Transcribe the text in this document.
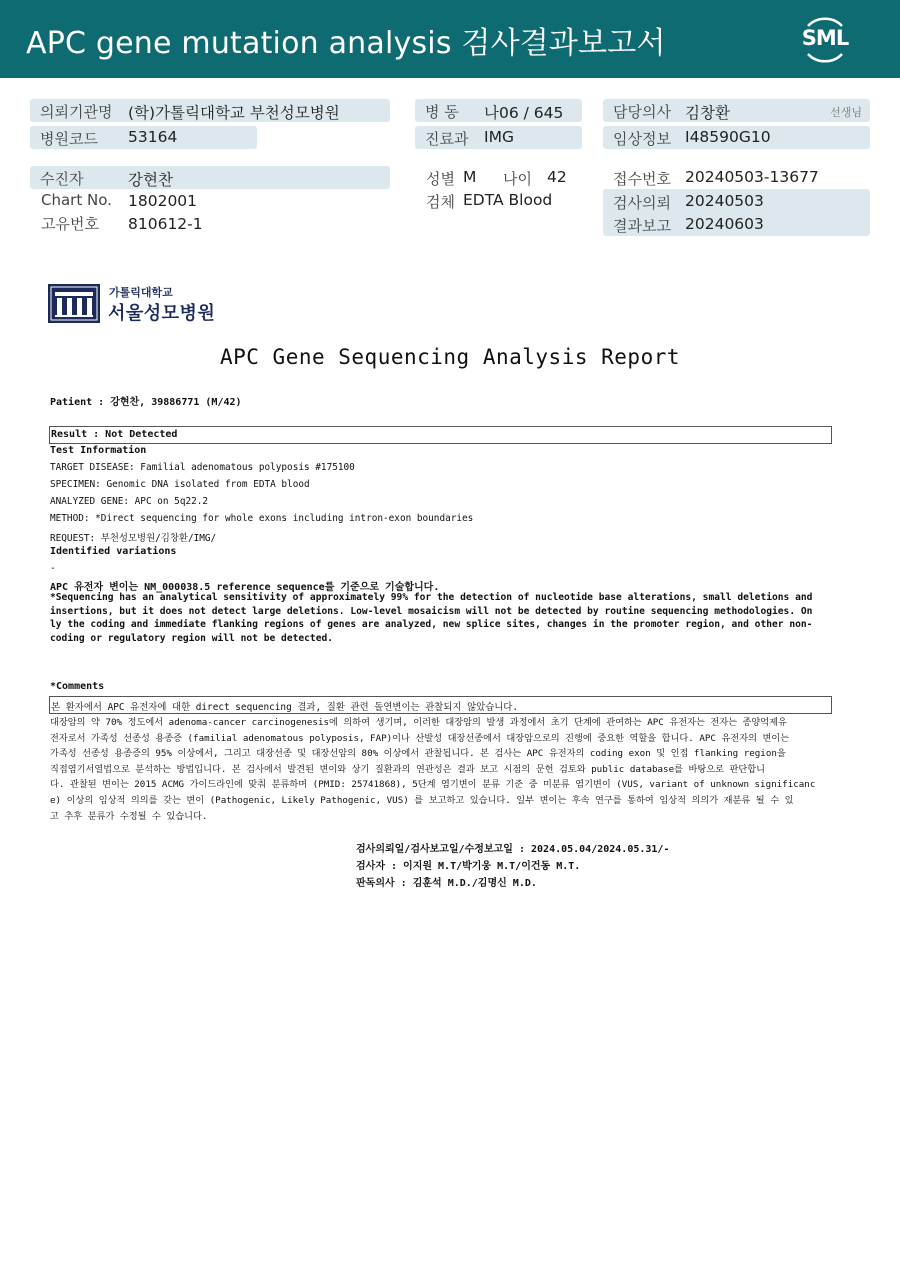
APC gene mutation analysis 검사결과보고서	SML
의뢰기관명 (학)가톨릭대학교 부천성모병원	병 동 나06 / 645	담당의사 김창환	선생님
병원코드 53164	진료과 IMG	임상정보 I48590G10
수진자	강현찬	성별 M 나이 42	접수번호 20240503-13677
Chart No. 1802001	검체 EDTA Blood	검사의뢰 20240503
결과보고 20240603
고유번호 810612-1
가톨릭대학교
서울성모병원
APC Gene Sequencing Analysis Report
Patient : 강현찬, 39886771 (M/42)
Result : Not Detected
Test Information
TARGET DISEASE: Familial adenomatous polyposis #175100
SPECIMEN: Genomic DNA isolated from EDTA blood
ANALYZED GENE: APC on 5q22.2
METHOD: *Direct sequencing for whole exons including intron-exon boundaries
REQUEST: 부천성모병원/김창환/IMG/
Identified variations
-
APC 유전자 변이는 NM_000038.5 reference sequence를 기준으로 기술합니다.
*Sequencing has an analytical sensitivity of approximately 99% for the detection of nucleotide base alterations, small deletions and
insertions, but it does not detect large deletions. Low-level mosaicism will not be detected by routine sequencing methodologies. On
ly the coding and immediate flanking regions of genes are analyzed, new splice sites, changes in the promoter region, and other non-
coding or regulatory region will not be detected.
*Comments
본 환자에서 APC 유전자에 대한 direct sequencing 결과, 질환 관련 돌연변이는 관찰되지 않았습니다.
대장암의 약 70% 정도에서 adenoma-cancer carcinogenesis에 의하여 생기며, 이러한 대장암의 발생 과정에서 초기 단계에 관여하는 APC 유전자는 전자는 종양억제유
전자로서 가족성 선종성 용종증 (familial adenomatous polyposis, FAP)이나 산발성 대장선종에서 대장암으로의 진행에 중요한 역할을 합니다. APC 유전자의 변이는
가족성 선종성 용종증의 95% 이상에서, 그리고 대장선종 및 대장선암의 80% 이상에서 관찰됩니다. 본 검사는 APC 유전자의 coding exon 및 인접 flanking region을
직접염기서열법으로 분석하는 방법입니다. 본 검사에서 발견된 변이와 상기 질환과의 연관성은 결과 보고 시점의 문헌 검토와 public database를 바탕으로 판단합니
다. 관찰된 변이는 2015 ACMG 가이드라인에 맞춰 분류하며 (PMID: 25741868), 5단계 염기변이 분류 기준 중 미분류 염기변이 (VUS, variant of unknown significanc
e) 이상의 임상적 의의를 갖는 변이 (Pathogenic, Likely Pathogenic, VUS) 를 보고하고 있습니다. 일부 변이는 후속 연구를 통하여 임상적 의의가 재분류 될 수 있
고 추후 분류가 수정될 수 있습니다.
검사의뢰일/검사보고일/수정보고일 : 2024.05.04/2024.05.31/-
검사자 : 이지원 M.T/박기웅 M.T/이건동 M.T.
판독의사 : 김훈석 M.D./김명신 M.D.
